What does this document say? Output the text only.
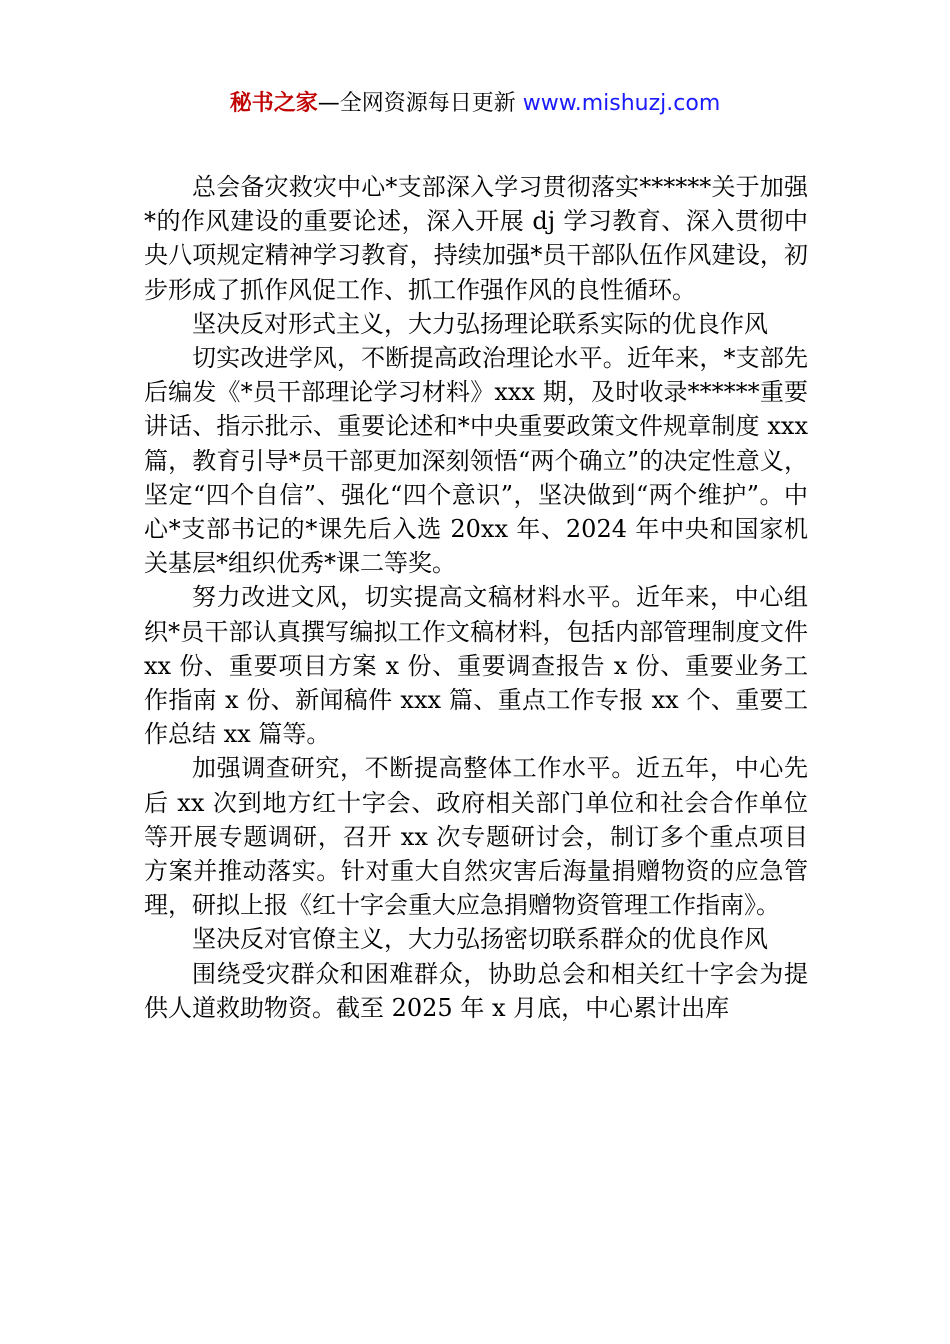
秘书之家—全网资源每日更新 www.mishuzj.com

总会备灾救灾中心*支部深入学习贯彻落实******关于加强*的作风建设的重要论述，深入开展 dj 学习教育、深入贯彻中央八项规定精神学习教育，持续加强*员干部队伍作风建设，初步形成了抓作风促工作、抓工作强作风的良性循环。

坚决反对形式主义，大力弘扬理论联系实际的优良作风

切实改进学风，不断提高政治理论水平。近年来，*支部先后编发《*员干部理论学习材料》xxx 期，及时收录******重要讲话、指示批示、重要论述和*中央重要政策文件规章制度 xxx 篇，教育引导*员干部更加深刻领悟“两个确立”的决定性意义，坚定“四个自信”、强化“四个意识”，坚决做到“两个维护”。中心*支部书记的*课先后入选 20xx 年、2024 年中央和国家机关基层*组织优秀*课二等奖。

努力改进文风，切实提高文稿材料水平。近年来，中心组织*员干部认真撰写编拟工作文稿材料，包括内部管理制度文件 xx 份、重要项目方案 x 份、重要调查报告 x 份、重要业务工作指南 x 份、新闻稿件 xxx 篇、重点工作专报 xx 个、重要工作总结 xx 篇等。

加强调查研究，不断提高整体工作水平。近五年，中心先后 xx 次到地方红十字会、政府相关部门单位和社会合作单位等开展专题调研，召开 xx 次专题研讨会，制订多个重点项目方案并推动落实。针对重大自然灾害后海量捐赠物资的应急管理，研拟上报《红十字会重大应急捐赠物资管理工作指南》。

坚决反对官僚主义，大力弘扬密切联系群众的优良作风

围绕受灾群众和困难群众，协助总会和相关红十字会为提供人道救助物资。截至 2025 年 x 月底，中心累计出库
